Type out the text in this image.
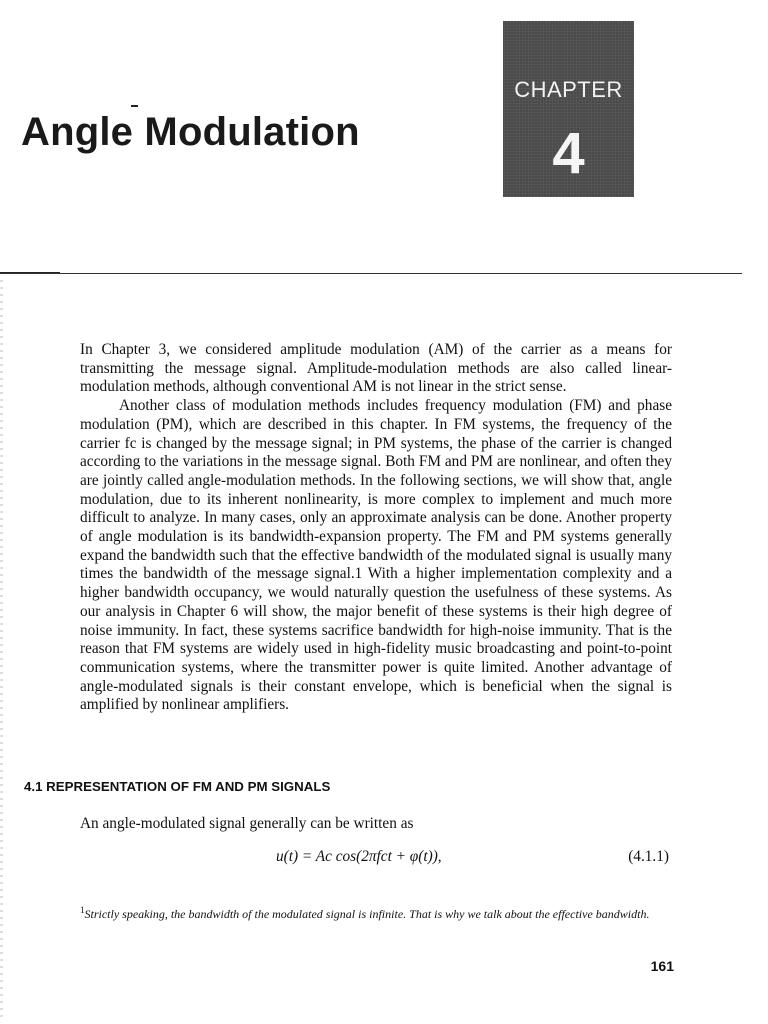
Angle Modulation
CHAPTER
4

In Chapter 3, we considered amplitude modulation (AM) of the carrier as a means for transmitting the message signal. Amplitude-modulation methods are also called linear-modulation methods, although conventional AM is not linear in the strict sense.

Another class of modulation methods includes frequency modulation (FM) and phase modulation (PM), which are described in this chapter. In FM systems, the frequency of the carrier fc is changed by the message signal; in PM systems, the phase of the carrier is changed according to the variations in the message signal. Both FM and PM are nonlinear, and often they are jointly called angle-modulation methods. In the following sections, we will show that, angle modulation, due to its inherent nonlinearity, is more complex to implement and much more difficult to analyze. In many cases, only an approximate analysis can be done. Another property of angle modulation is its bandwidth-expansion property. The FM and PM systems generally expand the bandwidth such that the effective bandwidth of the modulated signal is usually many times the bandwidth of the message signal.1 With a higher implementation complexity and a higher bandwidth occupancy, we would naturally question the usefulness of these systems. As our analysis in Chapter 6 will show, the major benefit of these systems is their high degree of noise immunity. In fact, these systems sacrifice bandwidth for high-noise immunity. That is the reason that FM systems are widely used in high-fidelity music broadcasting and point-to-point communication systems, where the transmitter power is quite limited. Another advantage of angle-modulated signals is their constant envelope, which is beneficial when the signal is amplified by nonlinear amplifiers.

4.1 REPRESENTATION OF FM AND PM SIGNALS

An angle-modulated signal generally can be written as

u(t) = Ac cos(2πfct + φ(t)),	(4.1.1)

$^1$Strictly speaking, the bandwidth of the modulated signal is infinite. That is why we talk about the effective bandwidth.

161
